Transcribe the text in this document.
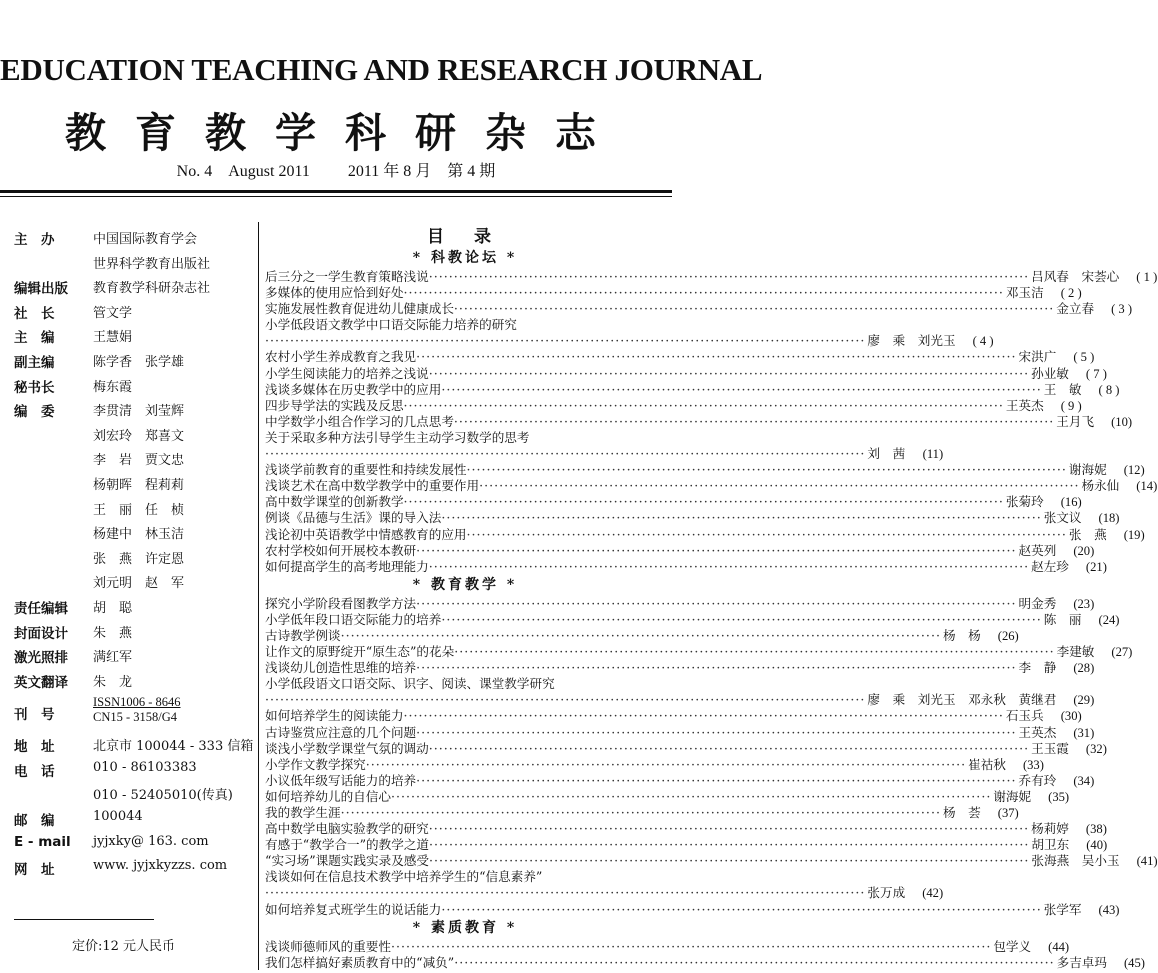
EDUCATION TEACHING AND RESEARCH JOURNAL
教育教学科研杂志
No. 4 August 2011 2011 年 8 月 第 4 期
主　办	中国国际教育学会
世界科学教育出版社
编辑出版	教育教学科研杂志社
社　长	管文学
主　编	王慧娟
副主编	陈学香　张学雄
秘书长	梅东霞
编　委	李贯清　刘莹辉
刘宏玲　郑喜文
李　岩　贾文忠
杨朝晖　程莉莉
王　丽　任　桢
杨建中　林玉洁
张　燕　许定恩
刘元明　赵　军
责任编辑	胡　聪
封面设计	朱　燕
激光照排	满红军
英文翻译	朱　龙
刊　号
ISSN1006 - 8646
CN15 - 3158/G4
地　址	北京市 100044 - 333 信箱
电　话	010 - 86103383
010 - 52405010(传真)
邮　编	100044
E - mail	jyjxky@ 163. com
网　址	www. jyjxkyzzs. com
定价:12 元人民币
目 录
* 科教论坛 *
后三分之一学生教育策略浅说 ························································································································ 吕风春　宋荟心	( 1 )
多媒体的使用应恰到好处 ························································································································ 邓玉洁	( 2 )
实施发展性教育促进幼儿健康成长 ························································································································ 金立春	( 3 )
小学低段语文教学中口语交际能力培养的研究
························································································································ 廖　乘　刘光玉	( 4 )
农村小学生养成教育之我见 ························································································································ 宋洪广	( 5 )
小学生阅读能力的培养之浅说 ························································································································ 孙业敏	( 7 )
浅谈多媒体在历史教学中的应用 ························································································································ 王　敏	( 8 )
四步导学法的实践及反思 ························································································································ 王英杰	( 9 )
中学数学小组合作学习的几点思考 ························································································································ 王月飞	(10)
关于采取多种方法引导学生主动学习数学的思考
························································································································ 刘　茜	(11)
浅谈学前教育的重要性和持续发展性 ························································································································ 谢海妮	(12)
浅谈艺术在高中数学教学中的重要作用 ························································································································ 杨永仙	(14)
高中数学课堂的创新教学 ························································································································ 张菊玲	(16)
例谈《品德与生活》课的导入法 ························································································································ 张文议	(18)
浅论初中英语教学中情感教育的应用 ························································································································ 张　燕	(19)
农村学校如何开展校本教研 ························································································································ 赵英列	(20)
如何提高学生的高考地理能力 ························································································································ 赵左珍	(21)
* 教育教学 *
探究小学阶段看图教学方法 ························································································································ 明金秀	(23)
小学低年段口语交际能力的培养 ························································································································ 陈　丽	(24)
古诗教学例谈 ························································································································ 杨　杨	(26)
让作文的原野绽开“原生态”的花朵 ························································································································ 李建敏	(27)
浅谈幼儿创造性思维的培养 ························································································································ 李　静	(28)
小学低段语文口语交际、识字、阅读、课堂教学研究
························································································································ 廖　乘　刘光玉　邓永秋　黄继君	(29)
如何培养学生的阅读能力 ························································································································ 石玉兵	(30)
古诗鉴赏应注意的几个问题 ························································································································ 王英杰	(31)
谈浅小学数学课堂气氛的调动 ························································································································ 王玉霞	(32)
小学作文教学探究 ························································································································ 崔祜秋	(33)
小议低年级写话能力的培养 ························································································································ 乔有玲	(34)
如何培养幼儿的自信心 ························································································································ 谢海妮	(35)
我的教学生涯 ························································································································ 杨　荟	(37)
高中数学电脑实验教学的研究 ························································································································ 杨莉婷	(38)
有感于“教学合一”的教学之道 ························································································································ 胡卫东	(40)
“实习场”课题实践实录及感受 ························································································································ 张海燕　吴小玉	(41)
浅谈如何在信息技术教学中培养学生的“信息素养”
························································································································ 张万成	(42)
如何培养复式班学生的说话能力 ························································································································ 张学军	(43)
* 素质教育 *
浅谈师德师风的重要性 ························································································································ 包学义	(44)
我们怎样搞好素质教育中的“减负” ························································································································ 多吉卓玛	(45)
